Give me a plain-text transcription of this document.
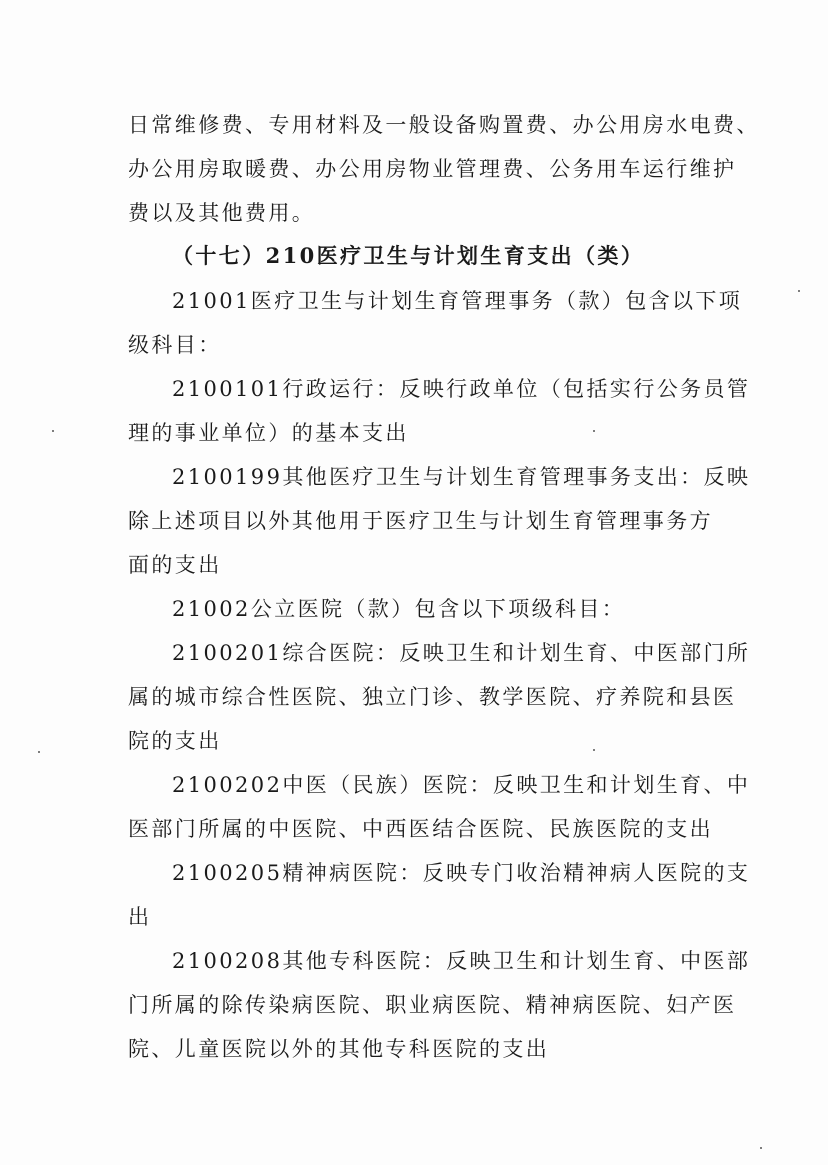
日常维修费、专用材料及一般设备购置费、办公用房水电费、
办公用房取暖费、办公用房物业管理费、公务用车运行维护
费以及其他费用。
（十七）210医疗卫生与计划生育支出（类）
21001医疗卫生与计划生育管理事务（款）包含以下项
级科目：
2100101行政运行：反映行政单位（包括实行公务员管
理的事业单位）的基本支出
2100199其他医疗卫生与计划生育管理事务支出：反映
除上述项目以外其他用于医疗卫生与计划生育管理事务方
面的支出
21002公立医院（款）包含以下项级科目：
2100201综合医院：反映卫生和计划生育、中医部门所
属的城市综合性医院、独立门诊、教学医院、疗养院和县医
院的支出
2100202中医（民族）医院：反映卫生和计划生育、中
医部门所属的中医院、中西医结合医院、民族医院的支出
2100205精神病医院：反映专门收治精神病人医院的支
出
2100208其他专科医院：反映卫生和计划生育、中医部
门所属的除传染病医院、职业病医院、精神病医院、妇产医
院、儿童医院以外的其他专科医院的支出
